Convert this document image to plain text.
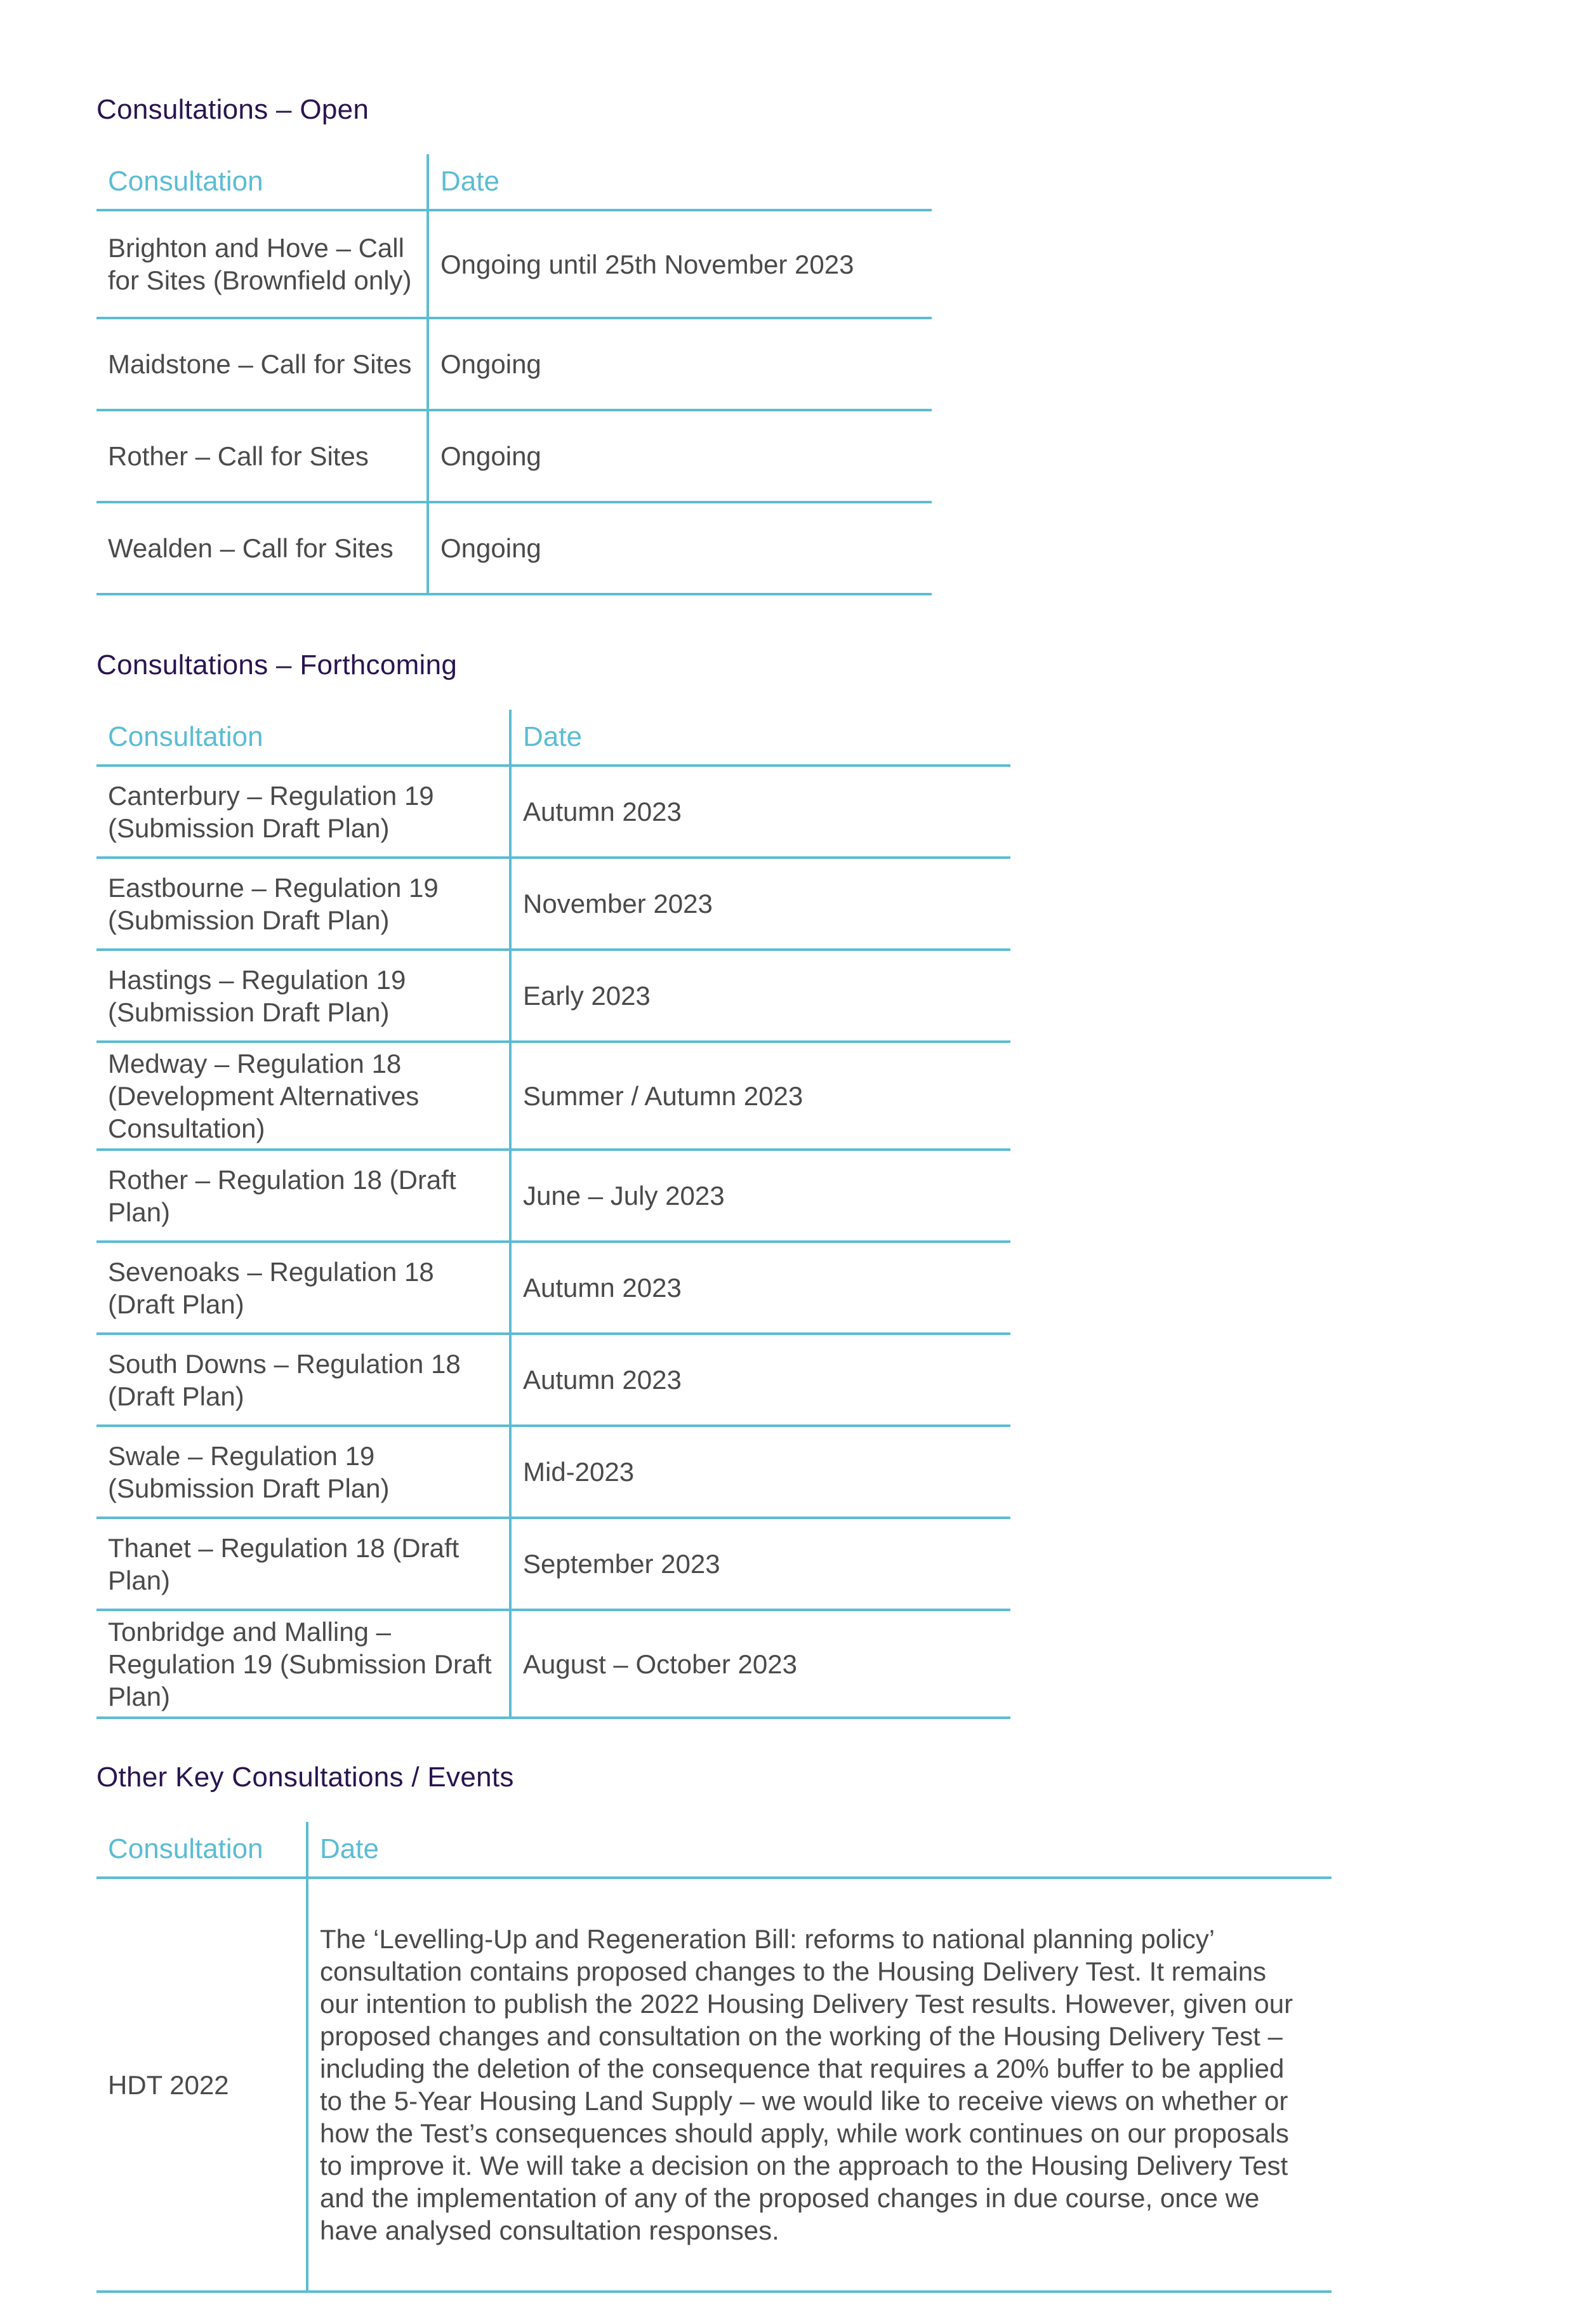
Consultations – Open
Consultation	Date
Brighton and Hove – Call for Sites (Brownfield only)	Ongoing until 25th November 2023
Maidstone – Call for Sites	Ongoing
Rother – Call for Sites	Ongoing
Wealden – Call for Sites	Ongoing
Consultations – Forthcoming
Consultation	Date
Canterbury – Regulation 19 (Submission Draft Plan)	Autumn 2023
Eastbourne – Regulation 19 (Submission Draft Plan)	November 2023
Hastings – Regulation 19 (Submission Draft Plan)	Early 2023
Medway – Regulation 18 (Development Alternatives Consultation)	Summer / Autumn 2023
Rother – Regulation 18 (Draft Plan)	June – July 2023
Sevenoaks – Regulation 18 (Draft Plan)	Autumn 2023
South Downs – Regulation 18 (Draft Plan)	Autumn 2023
Swale – Regulation 19 (Submission Draft Plan)	Mid-2023
Thanet – Regulation 18 (Draft Plan)	September 2023
Tonbridge and Malling – Regulation 19 (Submission Draft Plan)	August – October 2023
Other Key Consultations / Events
Consultation	Date
HDT 2022	The ‘Levelling-Up and Regeneration Bill: reforms to national planning policy’ consultation contains proposed changes to the Housing Delivery Test. It remains our intention to publish the 2022 Housing Delivery Test results. However, given our proposed changes and consultation on the working of the Housing Delivery Test – including the deletion of the consequence that requires a 20% buffer to be applied to the 5-Year Housing Land Supply – we would like to receive views on whether or how the Test’s consequences should apply, while work continues on our proposals to improve it. We will take a decision on the approach to the Housing Delivery Test and the implementation of any of the proposed changes in due course, once we have analysed consultation responses.
